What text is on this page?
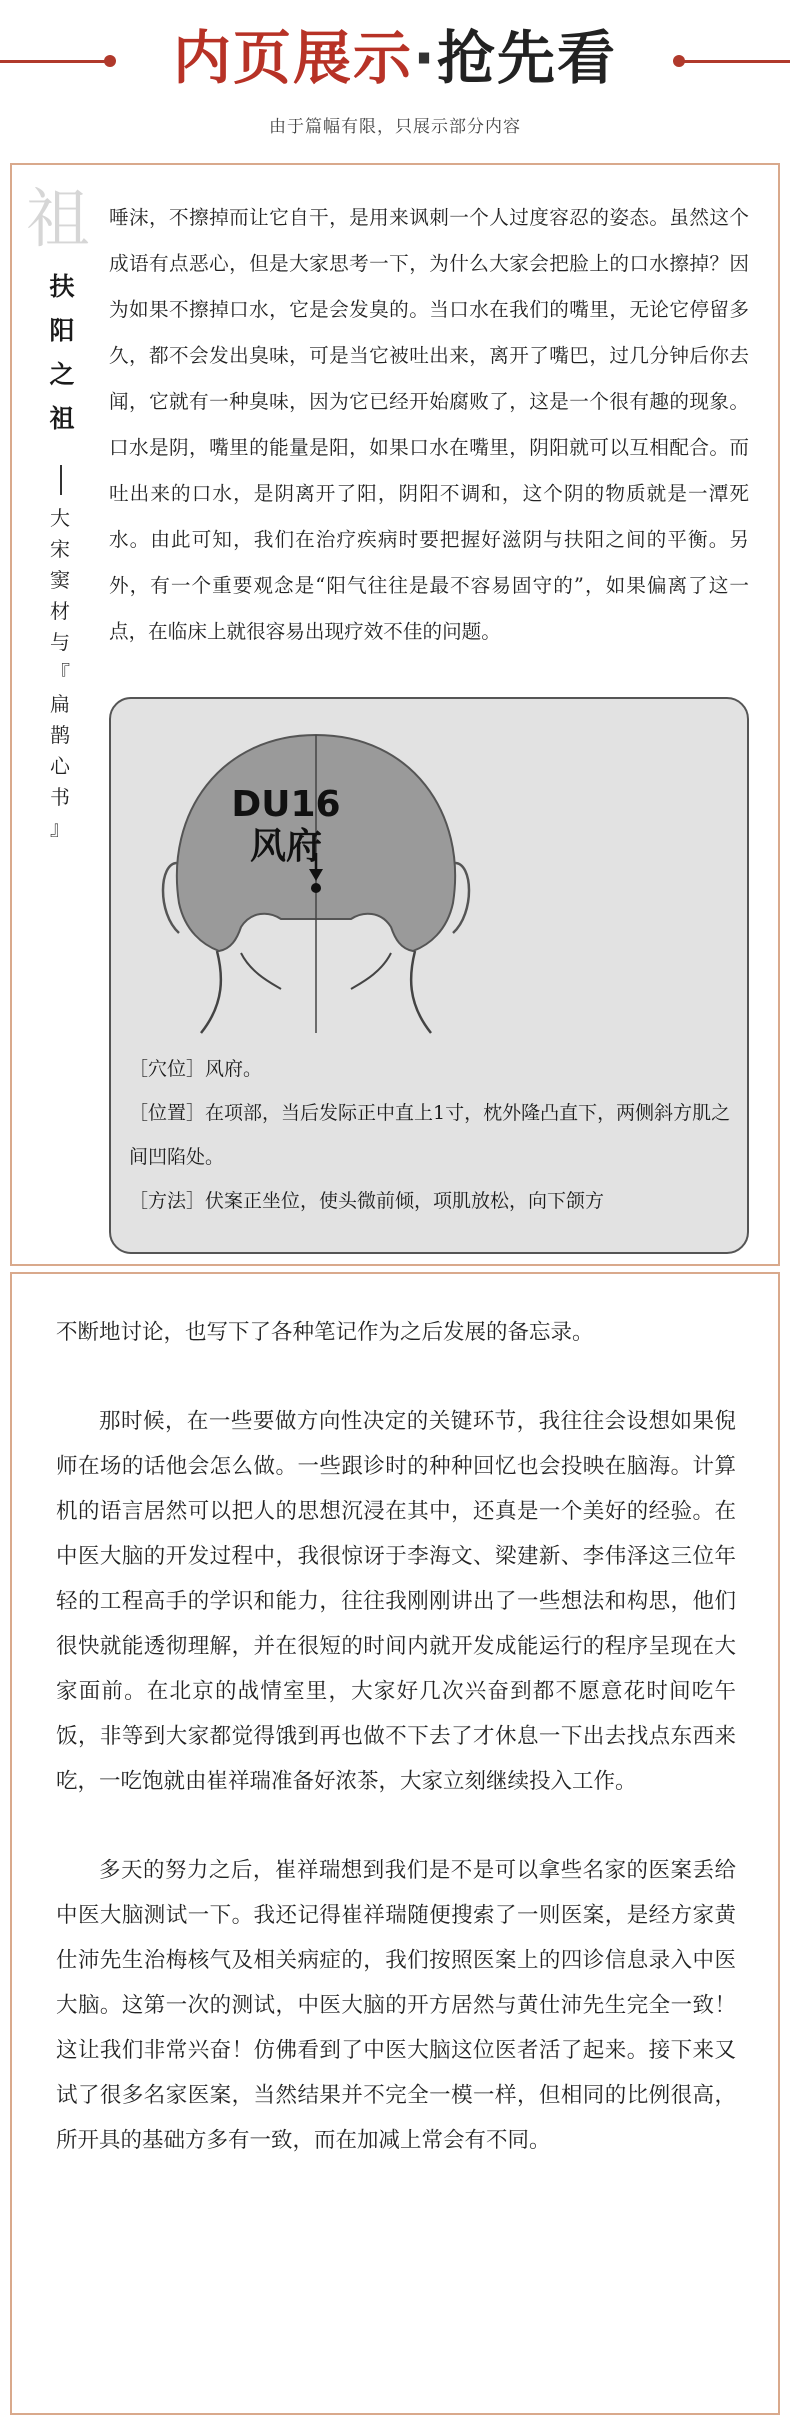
内页展示·抢先看
由于篇幅有限，只展示部分内容
祖
扶
阳
之
祖
大
宋
窦
材
与
『
扁
鹊
心
书
』
唾沫，不擦掉而让它自干，是用来讽刺一个人过度容忍的姿态。虽然这个成语有点恶心，但是大家思考一下，为什么大家会把脸上的口水擦掉？因为如果不擦掉口水，它是会发臭的。当口水在我们的嘴里，无论它停留多久，都不会发出臭味，可是当它被吐出来，离开了嘴巴，过几分钟后你去闻，它就有一种臭味，因为它已经开始腐败了，这是一个很有趣的现象。口水是阴，嘴里的能量是阳，如果口水在嘴里，阴阳就可以互相配合。而吐出来的口水，是阴离开了阳，阴阳不调和，这个阴的物质就是一潭死水。由此可知，我们在治疗疾病时要把握好滋阴与扶阳之间的平衡。另外，有一个重要观念是“阳气往往是最不容易固守的”，如果偏离了这一点，在临床上就很容易出现疗效不佳的问题。
DU16
风府
［穴位］风府。
［位置］在项部，当后发际正中直上1寸，枕外隆凸直下，两侧斜方肌之间凹陷处。
［方法］伏案正坐位，使头微前倾，项肌放松，向下颌方

不断地讨论，也写下了各种笔记作为之后发展的备忘录。

那时候，在一些要做方向性决定的关键环节，我往往会设想如果倪师在场的话他会怎么做。一些跟诊时的种种回忆也会投映在脑海。计算机的语言居然可以把人的思想沉浸在其中，还真是一个美好的经验。在中医大脑的开发过程中，我很惊讶于李海文、梁建新、李伟泽这三位年轻的工程高手的学识和能力，往往我刚刚讲出了一些想法和构思，他们很快就能透彻理解，并在很短的时间内就开发成能运行的程序呈现在大家面前。在北京的战情室里，大家好几次兴奋到都不愿意花时间吃午饭，非等到大家都觉得饿到再也做不下去了才休息一下出去找点东西来吃，一吃饱就由崔祥瑞准备好浓茶，大家立刻继续投入工作。

多天的努力之后，崔祥瑞想到我们是不是可以拿些名家的医案丢给中医大脑测试一下。我还记得崔祥瑞随便搜索了一则医案，是经方家黄仕沛先生治梅核气及相关病症的，我们按照医案上的四诊信息录入中医大脑。这第一次的测试，中医大脑的开方居然与黄仕沛先生完全一致！这让我们非常兴奋！仿佛看到了中医大脑这位医者活了起来。接下来又试了很多名家医案，当然结果并不完全一模一样，但相同的比例很高，所开具的基础方多有一致，而在加减上常会有不同。
